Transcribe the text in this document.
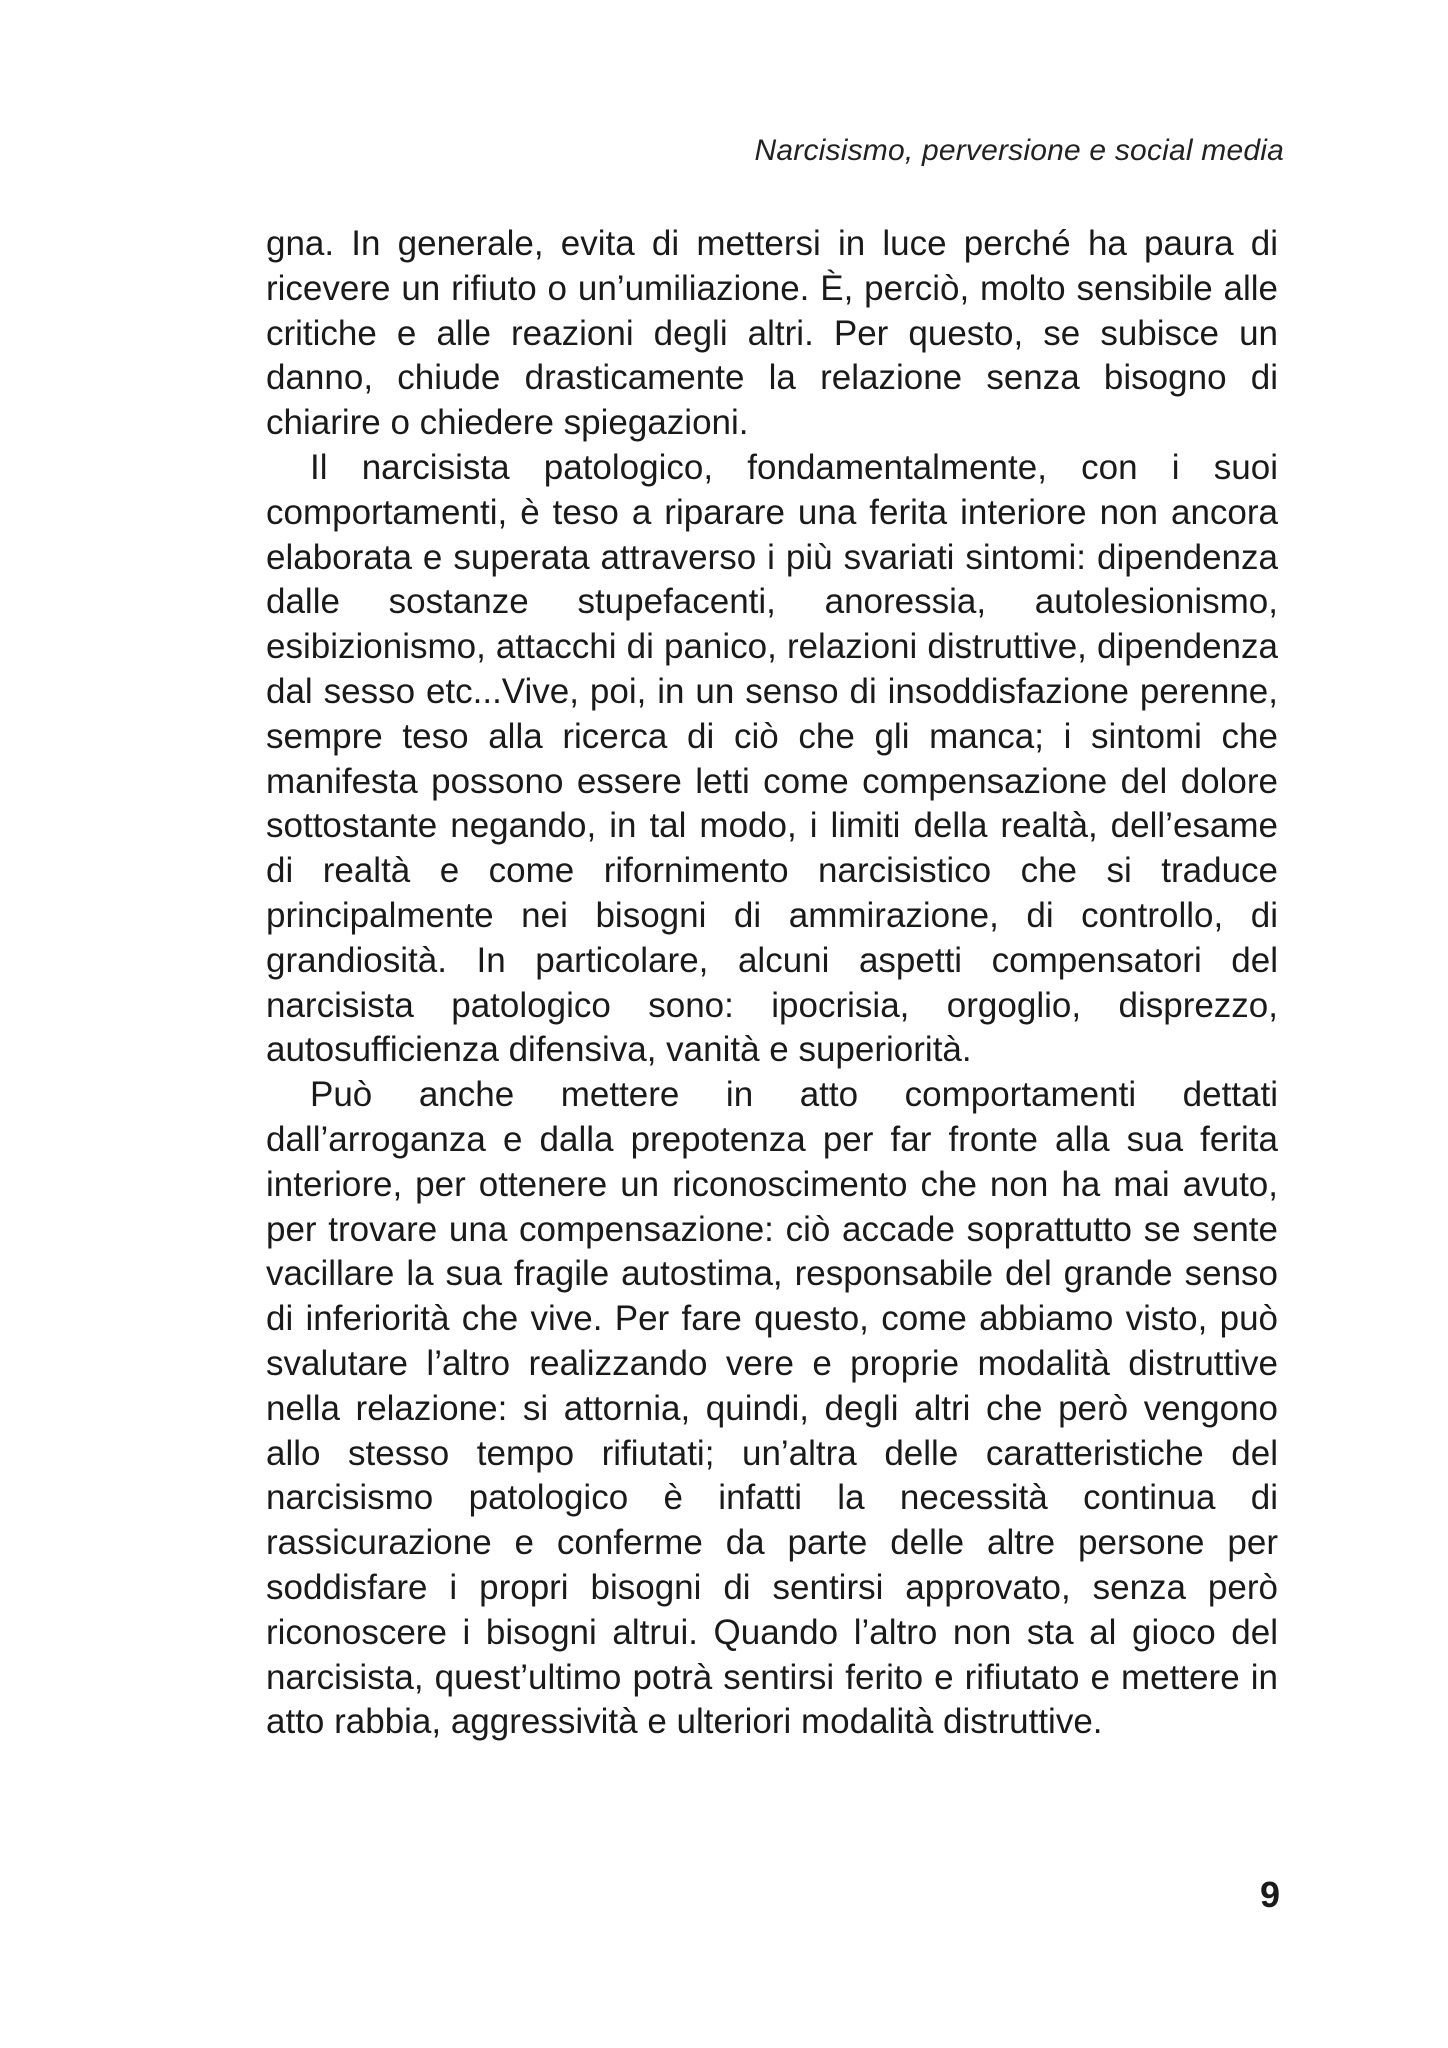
Narcisismo, perversione e social media

gna. In generale, evita di mettersi in luce perché ha paura di ricevere un rifiuto o un’umiliazione. È, perciò, molto sensibile alle critiche e alle reazioni degli altri. Per questo, se subisce un danno, chiude drasticamente la relazione senza bisogno di chiarire o chiedere spiegazioni.

Il narcisista patologico, fondamentalmente, con i suoi comportamenti, è teso a riparare una ferita interiore non ancora elaborata e superata attraverso i più svariati sintomi: dipendenza dalle sostanze stupefacenti, anoressia, autolesionismo, esibizionismo, attacchi di panico, relazioni distruttive, dipendenza dal sesso etc...Vive, poi, in un senso di insoddisfazione perenne, sempre teso alla ricerca di ciò che gli manca; i sintomi che manifesta possono essere letti come compensazione del dolore sottostante negando, in tal modo, i limiti della realtà, dell’esame di realtà e come rifornimento narcisistico che si traduce principalmente nei bisogni di ammirazione, di controllo, di grandiosità. In particolare, alcuni aspetti compensatori del narcisista patologico sono: ipocrisia, orgoglio, disprezzo, autosufficienza difensiva, vanità e superiorità.

Può anche mettere in atto comportamenti dettati dall’arroganza e dalla prepotenza per far fronte alla sua ferita interiore, per ottenere un riconoscimento che non ha mai avuto, per trovare una compensazione: ciò accade soprattutto se sente vacillare la sua fragile autostima, responsabile del grande senso di inferiorità che vive. Per fare questo, come abbiamo visto, può svalutare l’altro realizzando vere e proprie modalità distruttive nella relazione: si attornia, quindi, degli altri che però vengono allo stesso tempo rifiutati; un’altra delle caratteristiche del narcisismo patologico è infatti la necessità continua di rassicurazione e conferme da parte delle altre persone per soddisfare i propri bisogni di sentirsi approvato, senza però riconoscere i bisogni altrui. Quando l’altro non sta al gioco del narcisista, quest’ultimo potrà sentirsi ferito e rifiutato e mettere in atto rabbia, aggressività e ulteriori modalità distruttive.

9
